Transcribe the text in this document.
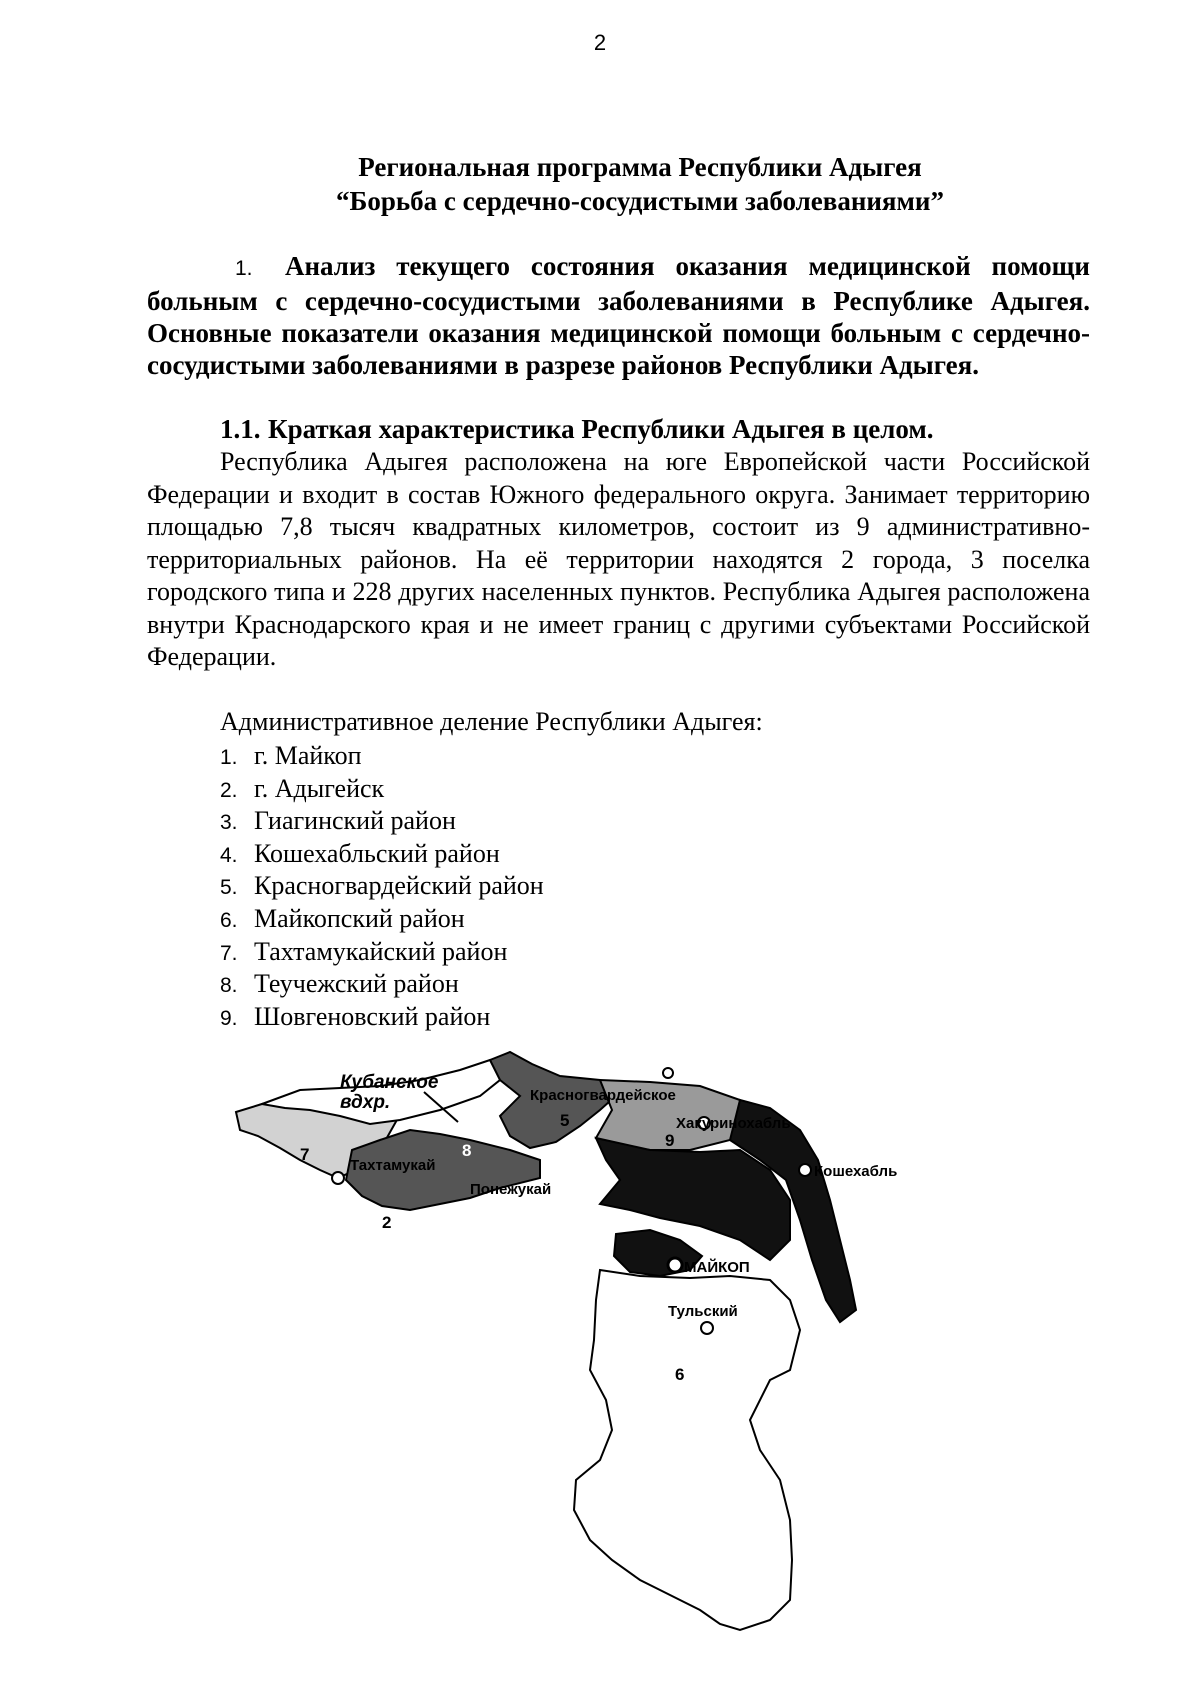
2
Региональная программа Республики Адыгея
“Борьба с сердечно-сосудистыми заболеваниями”

1. Анализ текущего состояния оказания медицинской помощи больным с сердечно-сосудистыми заболеваниями в Республике Адыгея. Основные показатели оказания медицинской помощи больным с сердечно-сосудистыми заболеваниями в разрезе районов Республики Адыгея.

1.1. Краткая характеристика Республики Адыгея в целом.

Республика Адыгея расположена на юге Европейской части Российской Федерации и входит в состав Южного федерального округа. Занимает территорию площадью 7,8 тысяч квадратных километров, состоит из 9 административно-территориальных районов. На её территории находятся 2 города, 3 поселка городского типа и 228 других населенных пунктов. Республика Адыгея расположена внутри Краснодарского края и не имеет границ с другими субъектами Российской Федерации.

Административное деление Республики Адыгея:

1. г. Майкоп
2. г. Адыгейск
3. Гиагинский район
4. Кошехабльский район
5. Красногвардейский район
6. Майкопский район
7. Тахтамукайский район
8. Теучежский район
9. Шовгеновский район
Кубанское
вдхр.	Красногвардейское
Хакуринохабль
Кошехабль
Тахтамукай
Понежукай
МАЙКОП
Тульский
7
2
8
5
9
6
